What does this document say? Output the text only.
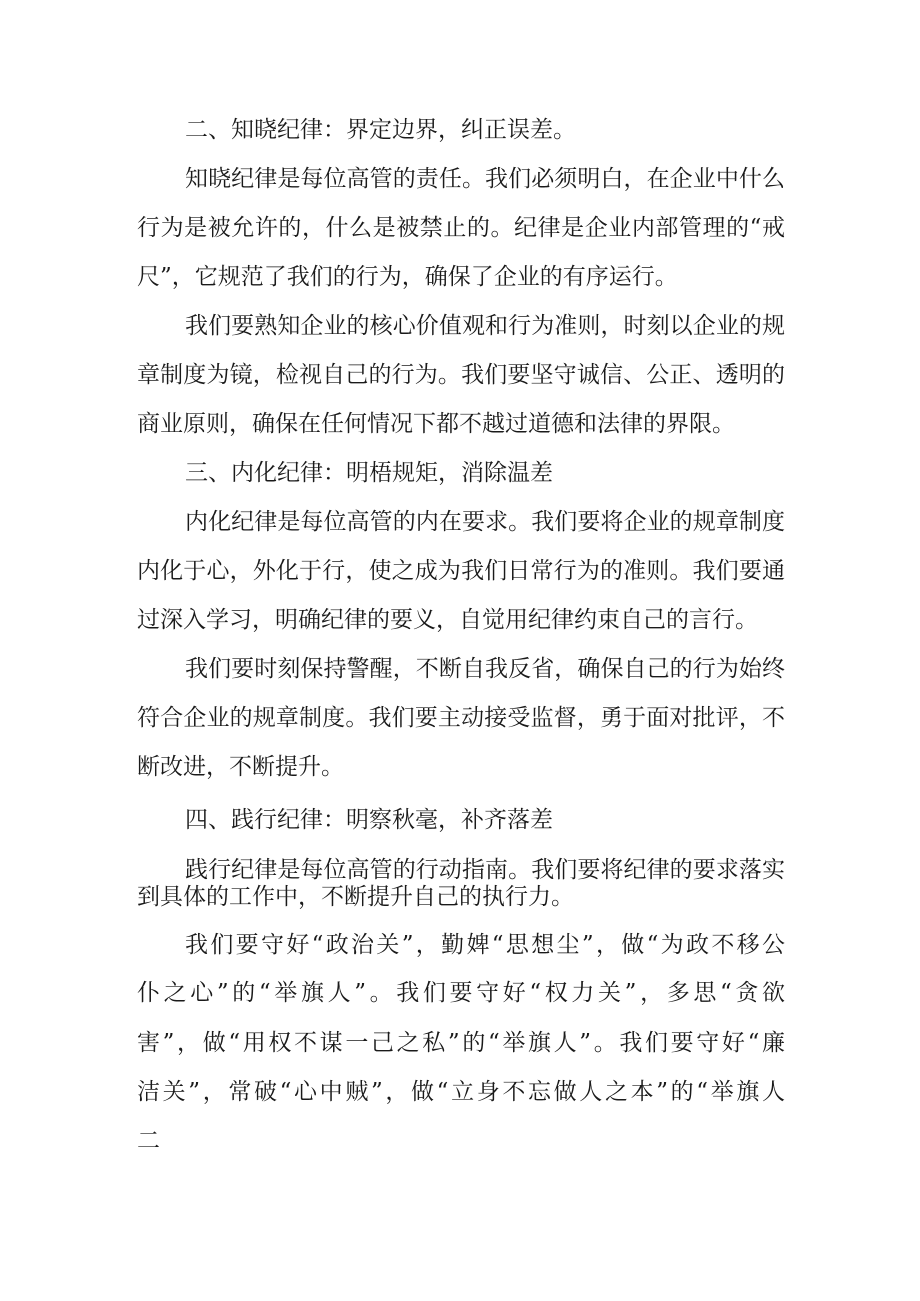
二、知晓纪律：界定边界，纠正误差。

知晓纪律是每位高管的责任。我们必须明白，在企业中什么

行为是被允许的，什么是被禁止的。纪律是企业内部管理的“戒

尺”，它规范了我们的行为，确保了企业的有序运行。

我们要熟知企业的核心价值观和行为准则，时刻以企业的规

章制度为镜，检视自己的行为。我们要坚守诚信、公正、透明的

商业原则，确保在任何情况下都不越过道德和法律的界限。

三、内化纪律：明梧规矩，消除温差

内化纪律是每位高管的内在要求。我们要将企业的规章制度

内化于心，外化于行，使之成为我们日常行为的准则。我们要通

过深入学习，明确纪律的要义，自觉用纪律约束自己的言行。

我们要时刻保持警醒，不断自我反省，确保自己的行为始终

符合企业的规章制度。我们要主动接受监督，勇于面对批评，不

断改进，不断提升。

四、践行纪律：明察秋毫，补齐落差

践行纪律是每位高管的行动指南。我们要将纪律的要求落实

到具体的工作中，不断提升自己的执行力。

我们要守好“政治关”，勤婢“思想尘”，做“为政不移公

仆之心”的“举旗人”。我们要守好“权力关”，多思“贪欲

害”，做“用权不谋一己之私”的“举旗人”。我们要守好“廉

洁关”，常破“心中贼”，做“立身不忘做人之本”的“举旗人

二
